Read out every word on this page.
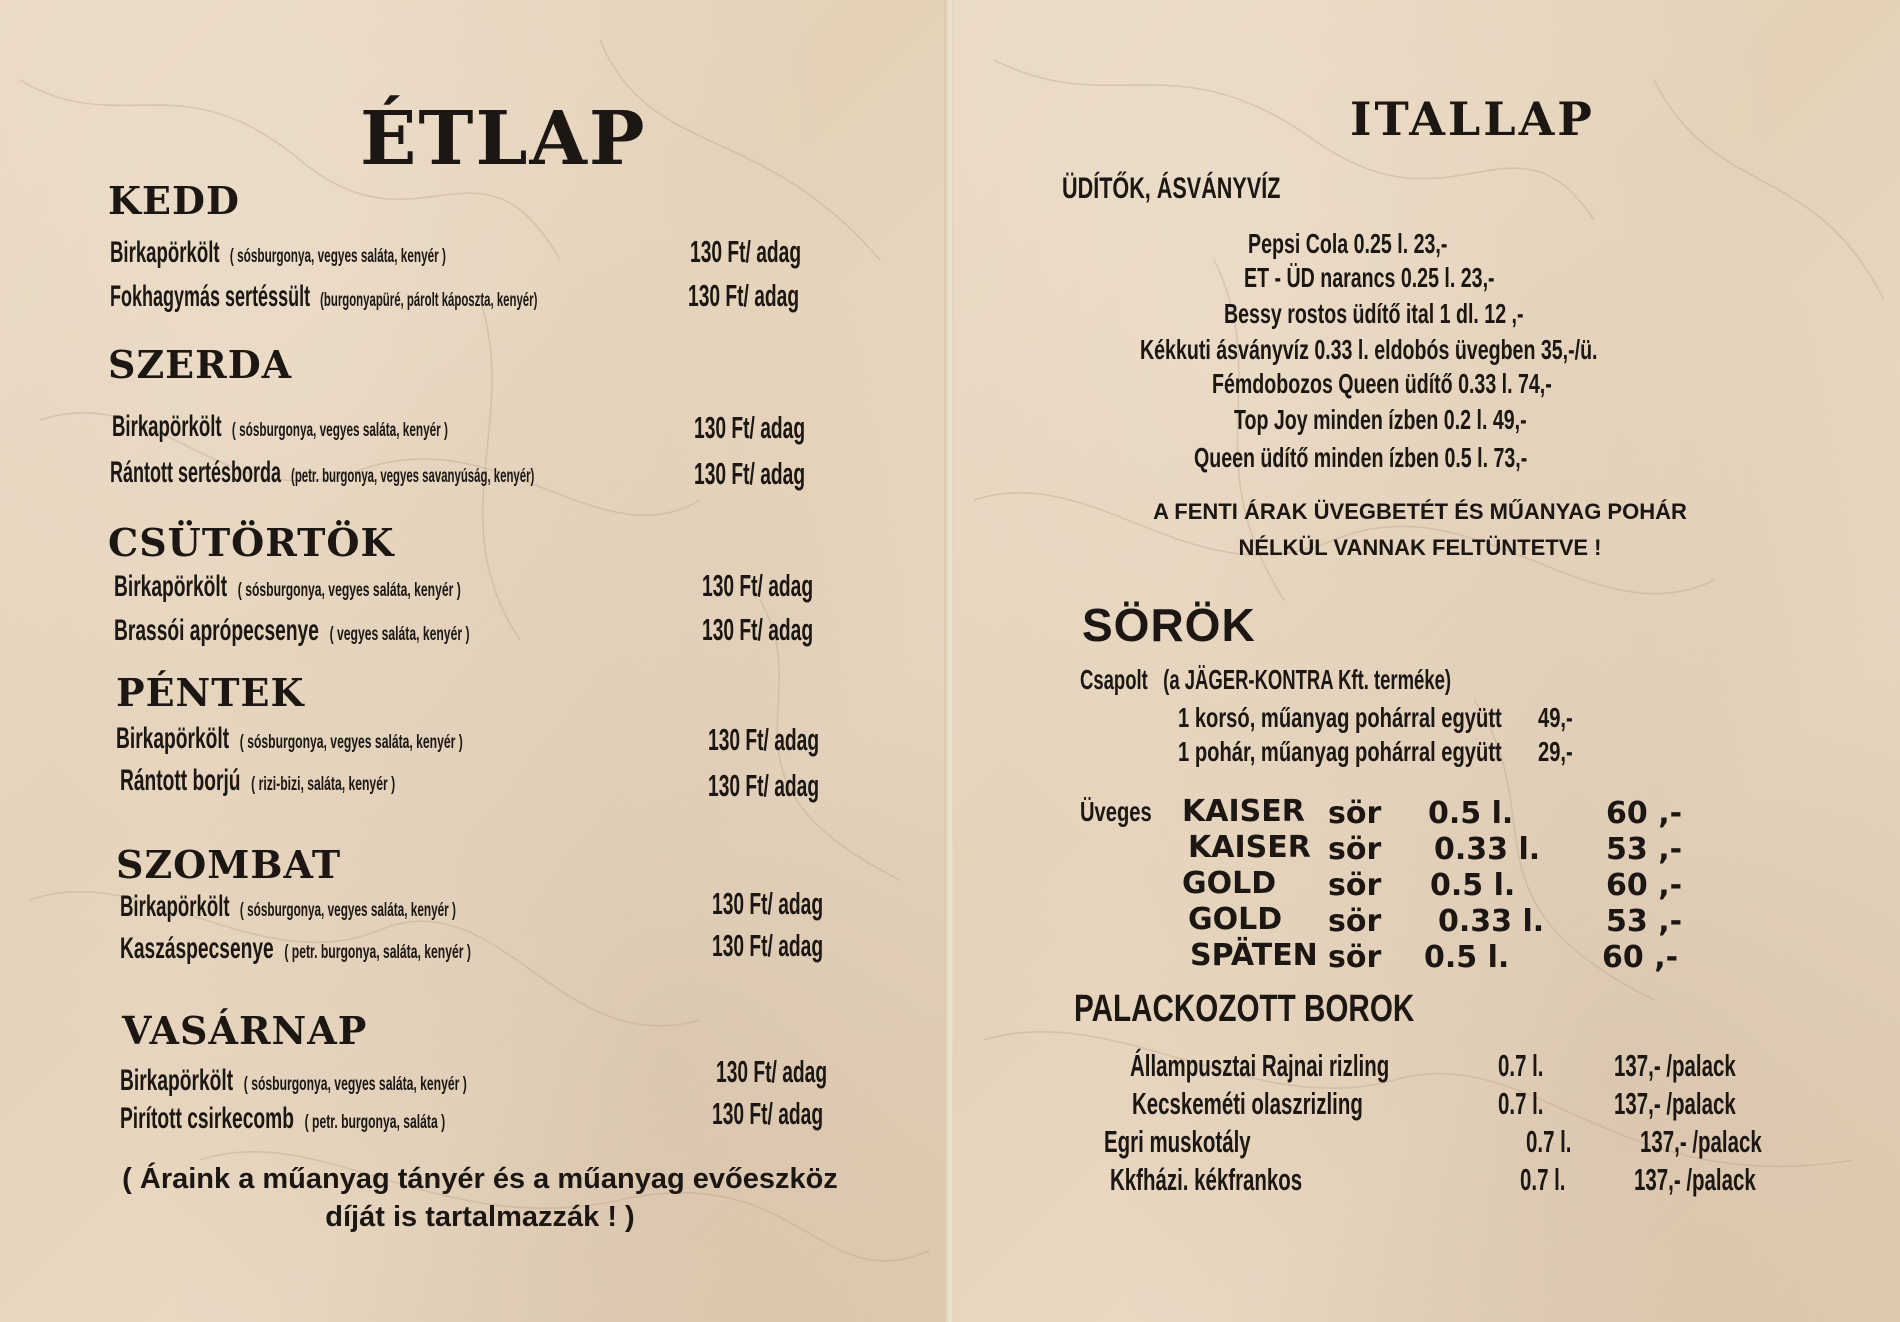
ÉTLAP
KEDD
Birkapörkölt ( sósburgonya, vegyes saláta, kenyér )	130 Ft/ adag
Fokhagymás sertéssült (burgonyapüré, párolt káposzta, kenyér)	130 Ft/ adag
SZERDA
Birkapörkölt ( sósburgonya, vegyes saláta, kenyér )	130 Ft/ adag
Rántott sertésborda (petr. burgonya, vegyes savanyúság, kenyér)	130 Ft/ adag
CSÜTÖRTÖK
Birkapörkölt ( sósburgonya, vegyes saláta, kenyér )	130 Ft/ adag
Brassói aprópecsenye ( vegyes saláta, kenyér )	130 Ft/ adag
PÉNTEK
Birkapörkölt ( sósburgonya, vegyes saláta, kenyér )	130 Ft/ adag
Rántott borjú ( rizi-bizi, saláta, kenyér )	130 Ft/ adag
SZOMBAT
Birkapörkölt ( sósburgonya, vegyes saláta, kenyér )	130 Ft/ adag
Kaszáspecsenye ( petr. burgonya, saláta, kenyér )	130 Ft/ adag
VASÁRNAP
Birkapörkölt ( sósburgonya, vegyes saláta, kenyér )	130 Ft/ adag
Pirított csirkecomb ( petr. burgonya, saláta )	130 Ft/ adag
( Áraink a műanyag tányér és a műanyag evőeszköz díját is tartalmazzák ! )
ITALLAP
ÜDÍTŐK, ÁSVÁNYVÍZ
Pepsi Cola 0.25 l. 23,-
ET - ÜD narancs 0.25 l. 23,-
Bessy rostos üdítő ital 1 dl. 12 ,-
Kékkuti ásványvíz 0.33 l. eldobós üvegben 35,-/ü.
Fémdobozos Queen üdítő 0.33 l. 74,-
Top Joy minden ízben 0.2 l. 49,-
Queen üdítő minden ízben 0.5 l. 73,-
A FENTI ÁRAK ÜVEGBETÉT ÉS MŰANYAG POHÁR NÉLKÜL VANNAK FELTÜNTETVE !
SÖRÖK
Csapolt (a JÄGER-KONTRA Kft. terméke)
1 korsó, műanyag pohárral együtt	49,-
1 pohár, műanyag pohárral együtt	29,-
Üveges	KAISER sör 0.5 l.	60 ,-
KAISER sör 0.33 l. 53 ,-
GOLD sör 0.5 l.	60 ,-
GOLD sör 0.33 l. 53 ,-
SPÄTEN sör 0.5 l.	60 ,-
PALACKOZOTT BOROK
Állampusztai Rajnai rizling	0.7 l.	137,- /palack
Kecskeméti olaszrizling	0.7 l.	137,- /palack
Egri muskotály	0.7 l.	137,- /palack
Kkfházi. kékfrankos	0.7 l.	137,- /palack
